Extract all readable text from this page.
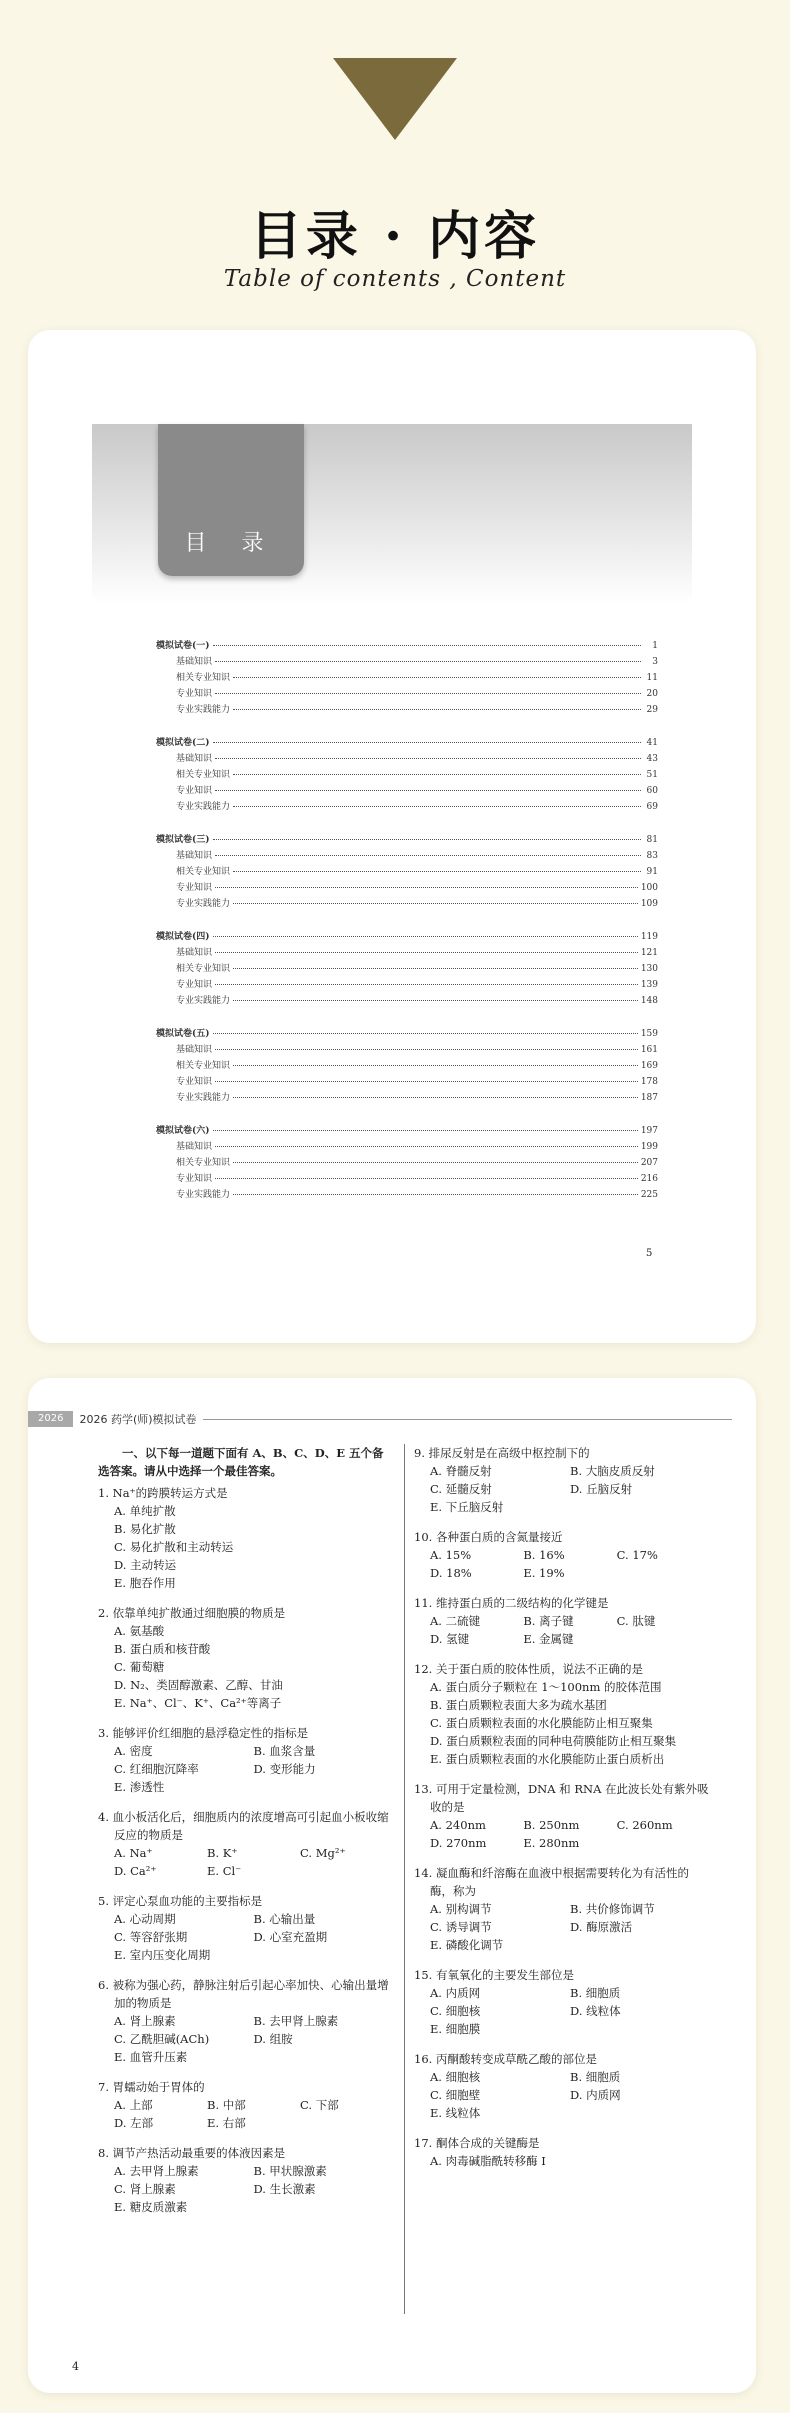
目录 · 内容
Table of contents , Content
目 录
5
模拟试卷(一)	1
基础知识	3
相关专业知识	11
专业知识	20
专业实践能力	29
模拟试卷(二)	41
基础知识	43
相关专业知识	51
专业知识	60
专业实践能力	69
模拟试卷(三)	81
基础知识	83
相关专业知识	91
专业知识	100
专业实践能力	109
模拟试卷(四)	119
基础知识	121
相关专业知识	130
专业知识	139
专业实践能力	148
模拟试卷(五)	159
基础知识	161
相关专业知识	169
专业知识	178
专业实践能力	187
模拟试卷(六)	197
基础知识	199
相关专业知识	207
专业知识	216
专业实践能力	225
2026	2026 药学(师)模拟试卷
一、以下每一道题下面有 A、B、C、D、E 五个备选答案。请从中选择一个最佳答案。
1. Na⁺的跨膜转运方式是
A. 单纯扩散
B. 易化扩散
C. 易化扩散和主动转运
D. 主动转运
E. 胞吞作用
2. 依靠单纯扩散通过细胞膜的物质是
A. 氨基酸
B. 蛋白质和核苷酸
C. 葡萄糖
D. N₂、类固醇激素、乙醇、甘油
E. Na⁺、Cl⁻、K⁺、Ca²⁺等离子
3. 能够评价红细胞的悬浮稳定性的指标是
A. 密度	B. 血浆含量
C. 红细胞沉降率	D. 变形能力
E. 渗透性
4. 血小板活化后，细胞质内的浓度增高可引起血小板收缩反应的物质是
A. Na⁺	B. K⁺	C. Mg²⁺
D. Ca²⁺	E. Cl⁻
5. 评定心泵血功能的主要指标是
A. 心动周期	B. 心输出量
C. 等容舒张期	D. 心室充盈期
E. 室内压变化周期
6. 被称为强心药，静脉注射后引起心率加快、心输出量增加的物质是
A. 肾上腺素	B. 去甲肾上腺素
C. 乙酰胆碱(ACh)	D. 组胺
E. 血管升压素
7. 胃蠕动始于胃体的
A. 上部	B. 中部	C. 下部
D. 左部	E. 右部
8. 调节产热活动最重要的体液因素是
A. 去甲肾上腺素	B. 甲状腺激素
C. 肾上腺素	D. 生长激素
E. 糖皮质激素
9. 排尿反射是在高级中枢控制下的
A. 脊髓反射	B. 大脑皮质反射
C. 延髓反射	D. 丘脑反射
E. 下丘脑反射
10. 各种蛋白质的含氮量接近
A. 15%	B. 16%	C. 17%
D. 18%	E. 19%
11. 维持蛋白质的二级结构的化学键是
A. 二硫键	B. 离子键	C. 肽键
D. 氢键	E. 金属键
12. 关于蛋白质的胶体性质，说法不正确的是
A. 蛋白质分子颗粒在 1～100nm 的胶体范围
B. 蛋白质颗粒表面大多为疏水基团
C. 蛋白质颗粒表面的水化膜能防止相互聚集
D. 蛋白质颗粒表面的同种电荷膜能防止相互聚集
E. 蛋白质颗粒表面的水化膜能防止蛋白质析出
13. 可用于定量检测，DNA 和 RNA 在此波长处有紫外吸收的是
A. 240nm	B. 250nm	C. 260nm
D. 270nm	E. 280nm
14. 凝血酶和纤溶酶在血液中根据需要转化为有活性的酶，称为
A. 别构调节	B. 共价修饰调节
C. 诱导调节	D. 酶原激活
E. 磷酸化调节
15. 有氧氧化的主要发生部位是
A. 内质网	B. 细胞质
C. 细胞核	D. 线粒体
E. 细胞膜
16. 丙酮酸转变成草酰乙酸的部位是
A. 细胞核	B. 细胞质
C. 细胞壁	D. 内质网
E. 线粒体
17. 酮体合成的关键酶是
A. 肉毒碱脂酰转移酶 Ⅰ
4
